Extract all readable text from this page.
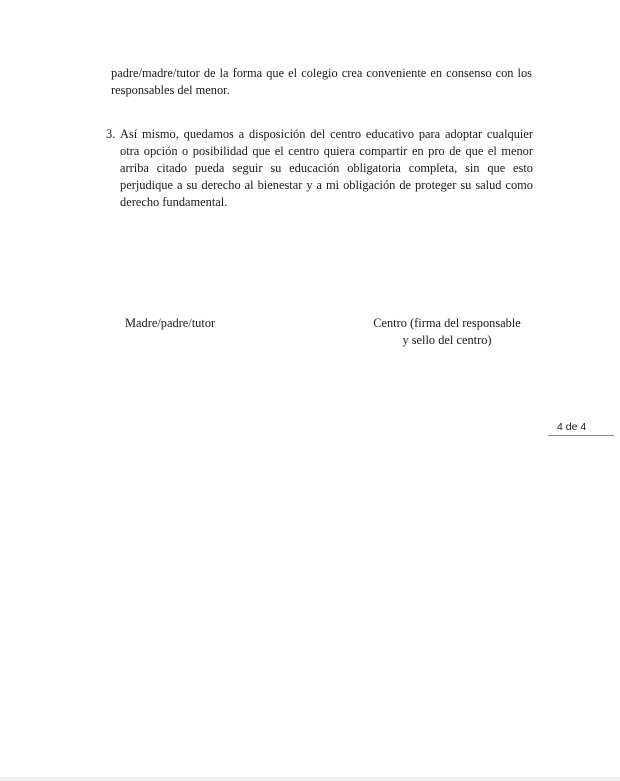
padre/madre/tutor de la forma que el colegio crea conveniente en consenso con los responsables del menor.
3. Así mismo, quedamos a disposición del centro educativo para adoptar cualquier otra opción o posibilidad que el centro quiera compartir en pro de que el menor arriba citado pueda seguir su educación obligatoria completa, sin que esto perjudique a su derecho al bienestar y a mi obligación de proteger su salud como derecho fundamental.
Madre/padre/tutor	Centro (firma del responsable
y sello del centro)
4 de 4
